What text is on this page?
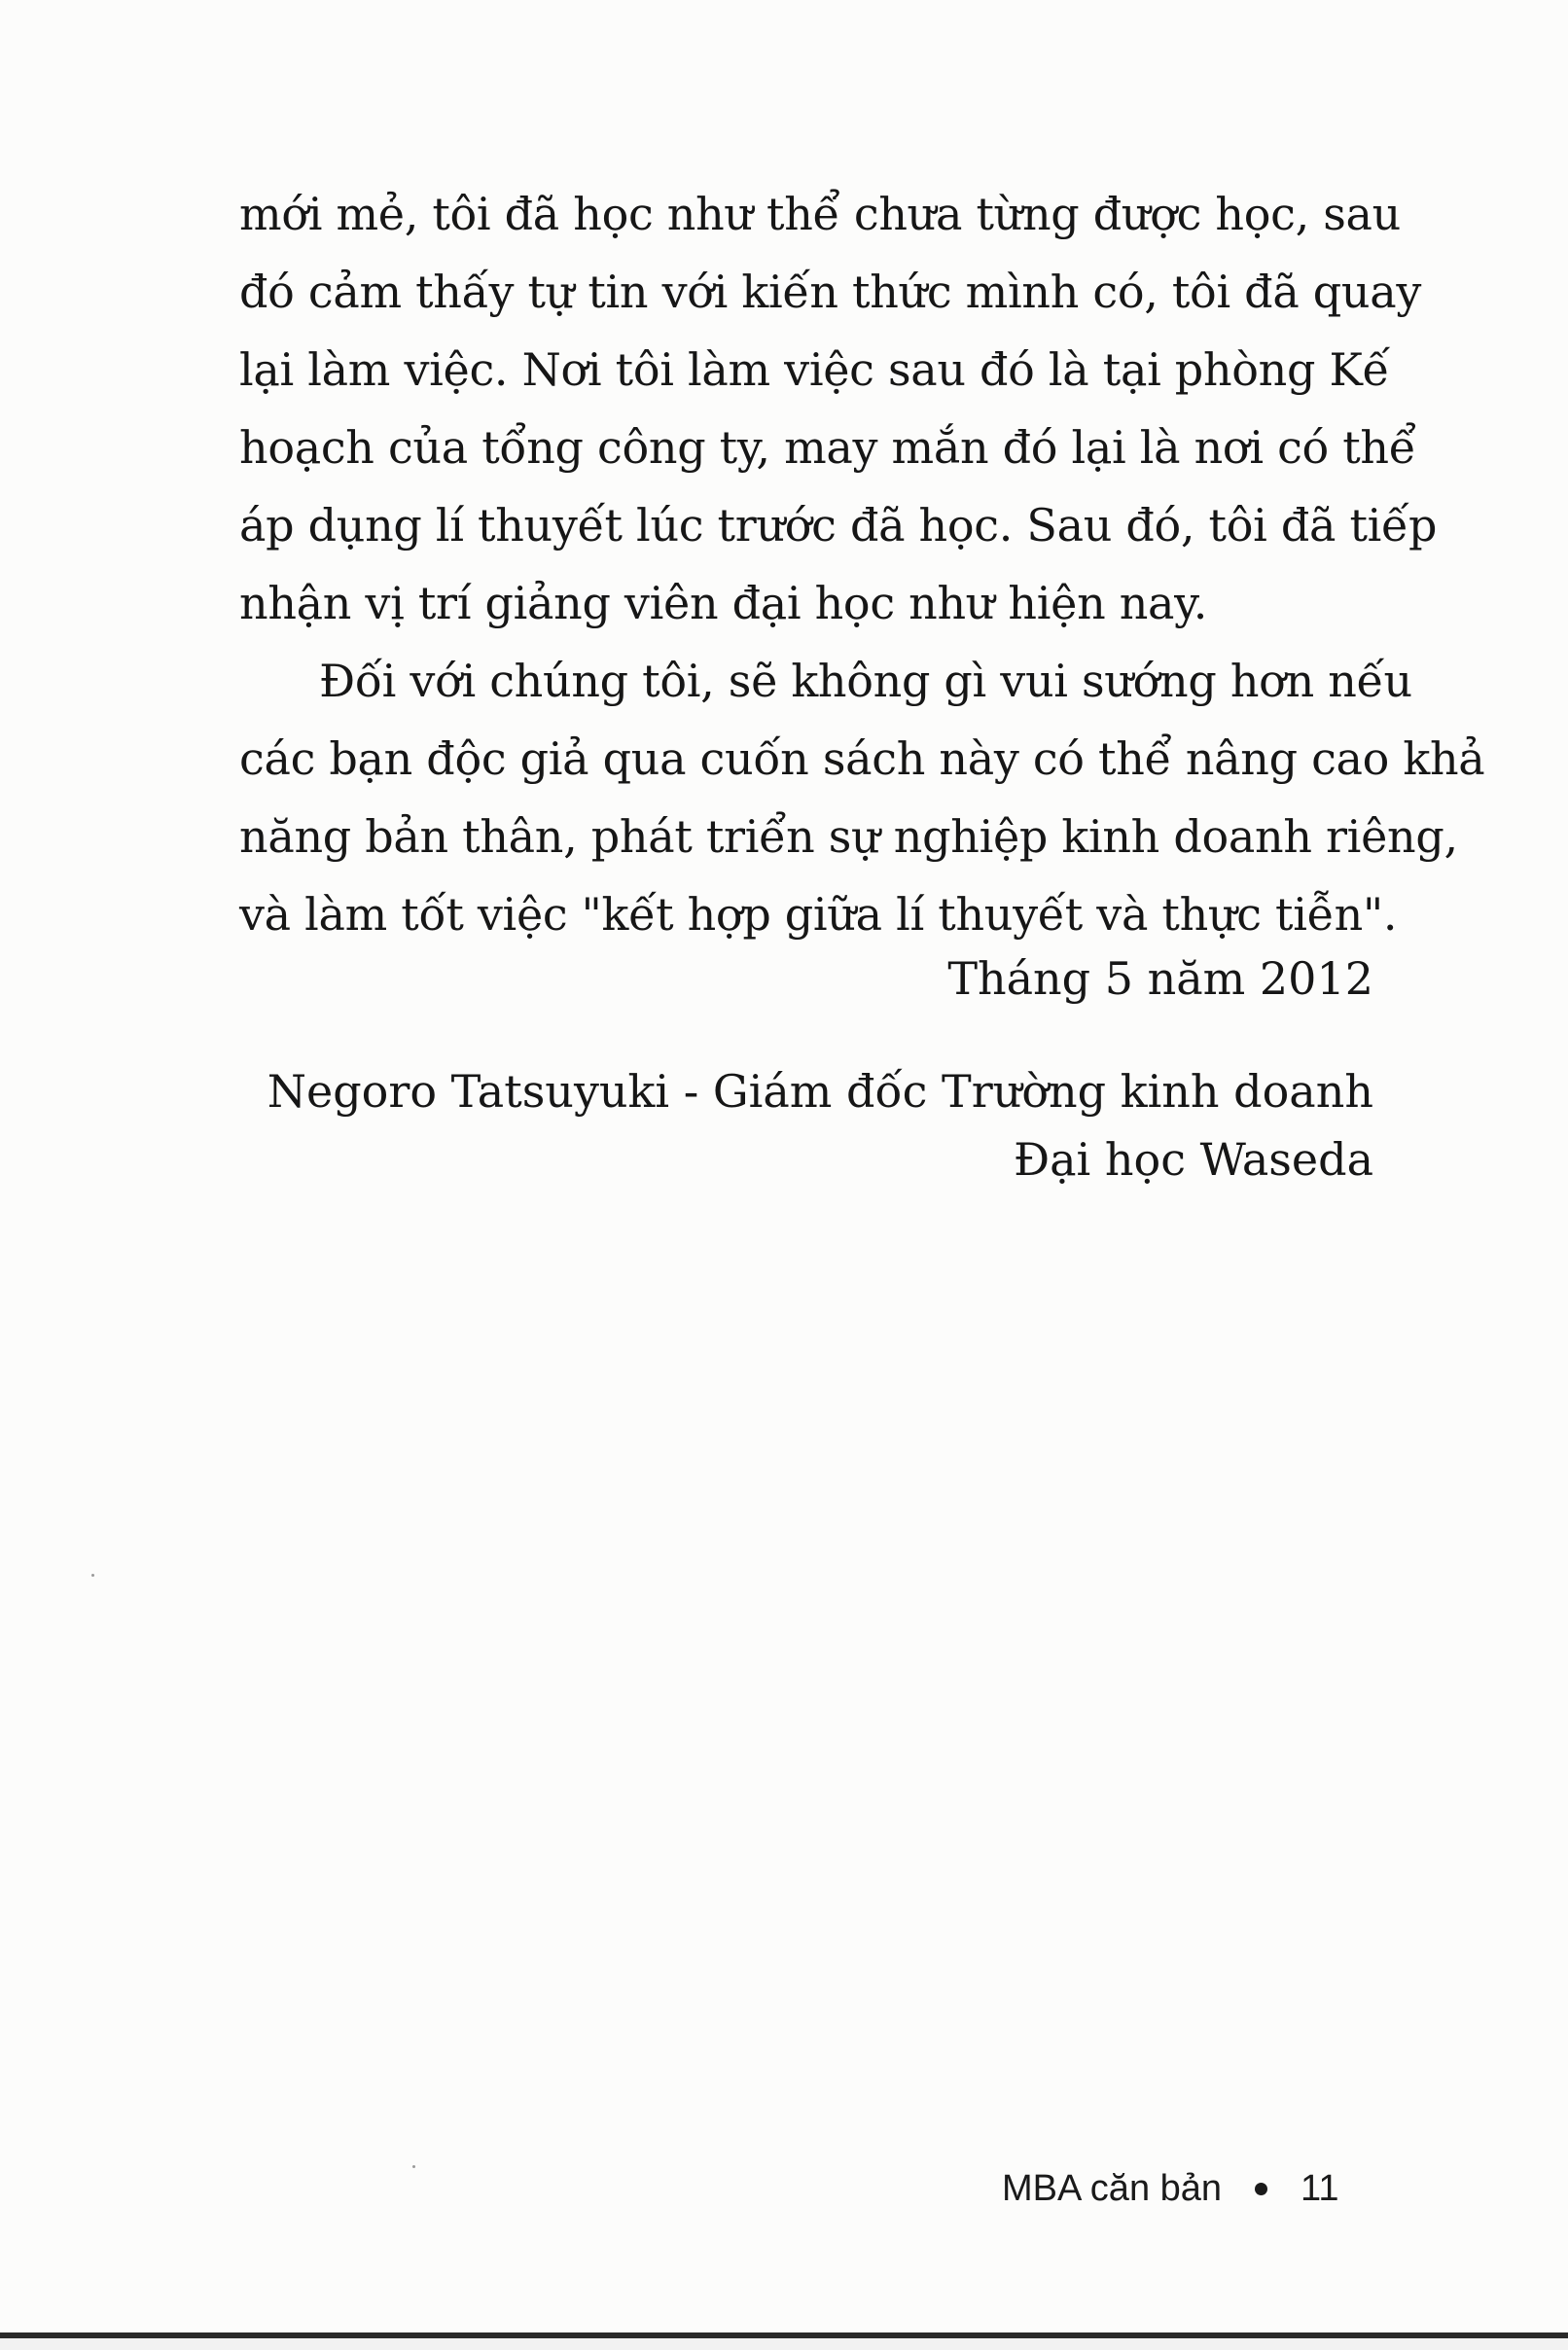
mới mẻ, tôi đã học như thể chưa từng được học, sau
đó cảm thấy tự tin với kiến thức mình có, tôi đã quay
lại làm việc. Nơi tôi làm việc sau đó là tại phòng Kế
hoạch của tổng công ty, may mắn đó lại là nơi có thể
áp dụng lí thuyết lúc trước đã học. Sau đó, tôi đã tiếp
nhận vị trí giảng viên đại học như hiện nay.
Đối với chúng tôi, sẽ không gì vui sướng hơn nếu
các bạn độc giả qua cuốn sách này có thể nâng cao khả
năng bản thân, phát triển sự nghiệp kinh doanh riêng,
và làm tốt việc "kết hợp giữa lí thuyết và thực tiễn".
Tháng 5 năm 2012
Negoro Tatsuyuki - Giám đốc Trường kinh doanh
Đại học Waseda
MBA căn bản 11
